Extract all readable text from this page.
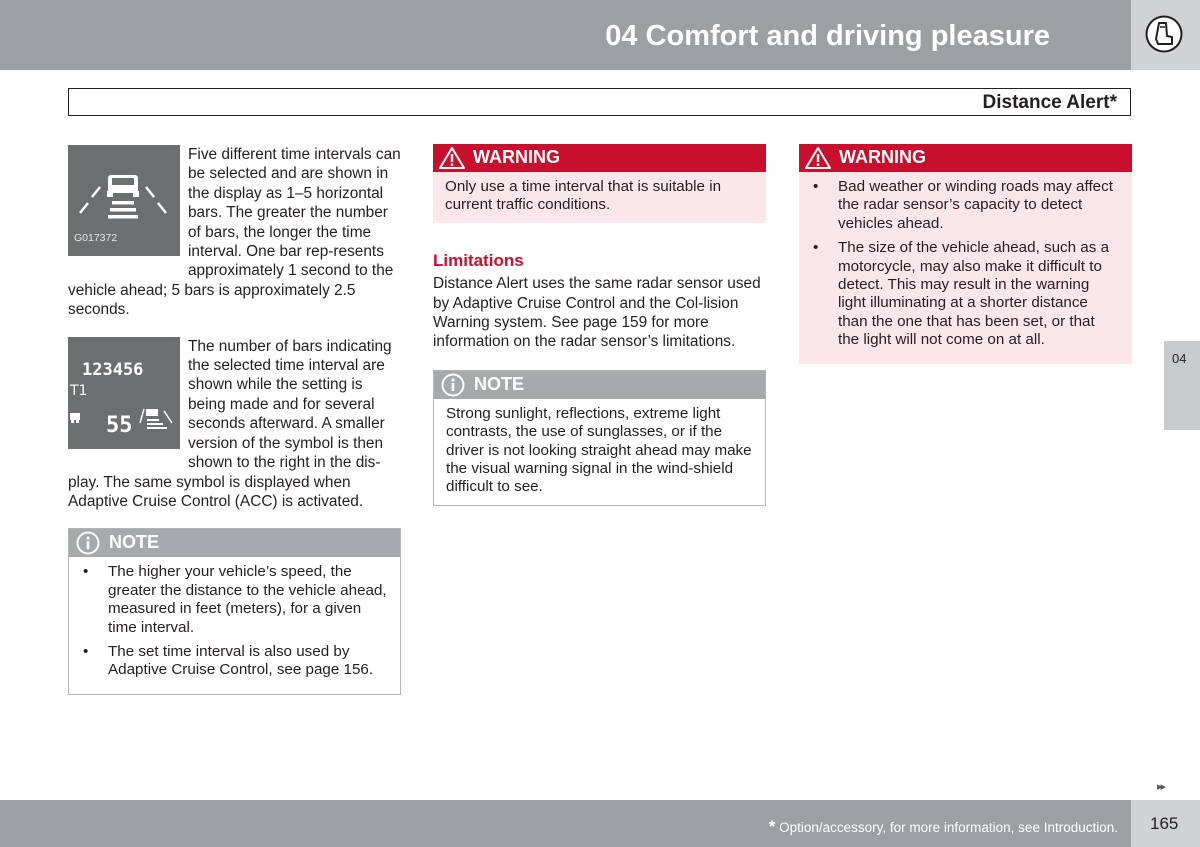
04 Comfort and driving pleasure
Distance Alert*
G017372

Five different time intervals can be selected and are shown in the display as 1–5 horizontal bars. The greater the number of bars, the longer the time interval. One bar rep-resents approximately 1 second to the vehicle ahead; 5 bars is approximately 2.5 seconds.

123456
T1
55

The number of bars indicating the selected time interval are shown while the setting is being made and for several seconds afterward. A smaller version of the symbol is then shown to the right in the dis-play. The same symbol is displayed when Adaptive Cruise Control (ACC) is activated.

NOTE
• The higher your vehicle’s speed, the greater the distance to the vehicle ahead, measured in feet (meters), for a given time interval.
• The set time interval is also used by Adaptive Cruise Control, see page 156.
WARNING
Only use a time interval that is suitable in current traffic conditions.
Limitations

Distance Alert uses the same radar sensor used by Adaptive Cruise Control and the Col-lision Warning system. See page 159 for more information on the radar sensor’s limitations.

NOTE
Strong sunlight, reflections, extreme light contrasts, the use of sunglasses, or if the driver is not looking straight ahead may make the visual warning signal in the wind-shield difficult to see.
WARNING
• Bad weather or winding roads may affect the radar sensor’s capacity to detect vehicles ahead.
• The size of the vehicle ahead, such as a motorcycle, may also make it difficult to detect. This may result in the warning light illuminating at a shorter distance than the one that has been set, or that the light will not come on at all.
04
▸▸
* Option/accessory, for more information, see Introduction. 165
